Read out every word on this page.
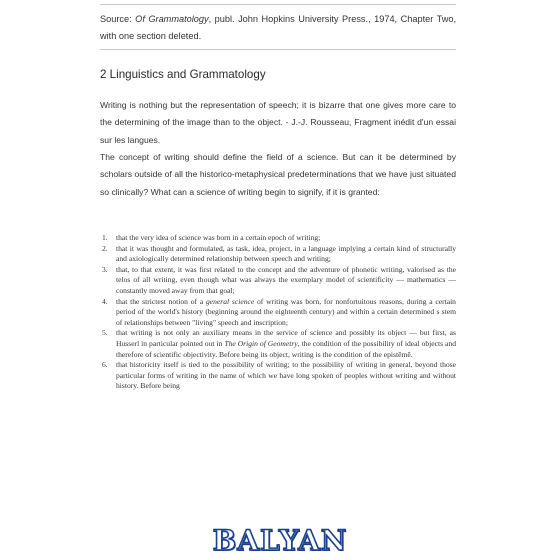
Source: Of Grammatology, publ. John Hopkins University Press., 1974, Chapter Two, with one section deleted.
2 Linguistics and Grammatology

Writing is nothing but the representation of speech; it is bizarre that one gives more care to the determining of the image than to the object. - J.-J. Rousseau, Fragment inédit d'un essai sur les langues.

The concept of writing should define the field of a science. But can it be determined by scholars outside of all the historico-metaphysical predeterminations that we have just situated so clinically? What can a science of writing begin to signify, if it is granted:

1.	that the very idea of science was born in a certain epoch of writing;
2.	that it was thought and formulated, as task, idea, project, in a language implying a certain kind of structurally and axiologically determined relationship between speech and writing;
3.	that, to that extent, it was first related to the concept and the adventure of phonetic writing, valorised as the telos of all writing, even though what was always the exemplary model of scientificity — mathematics — constantly moved away from that goal;
4.	that the strictest notion of a general science of writing was born, for nonfortuitous reasons, during a certain period of the world's history (beginning around the eighteenth century) and within a certain determined s stem of relationships between "living" speech and inscription;
5.	that writing is not only an auxiliary means in the service of science and possibly its object — but first, as Husserl in particular pointed out in The Origin of Geometry, the condition of the possibility of ideal objects and therefore of scientific objectivity. Before being its object, writing is the condition of the epistēmē.
6.	that historicity itself is tied to the possibility of writing; to the possibility of writing in general, beyond those particular forms of writing in the name of which we have long spoken of peoples without writing and without history. Before being
BALYAN
